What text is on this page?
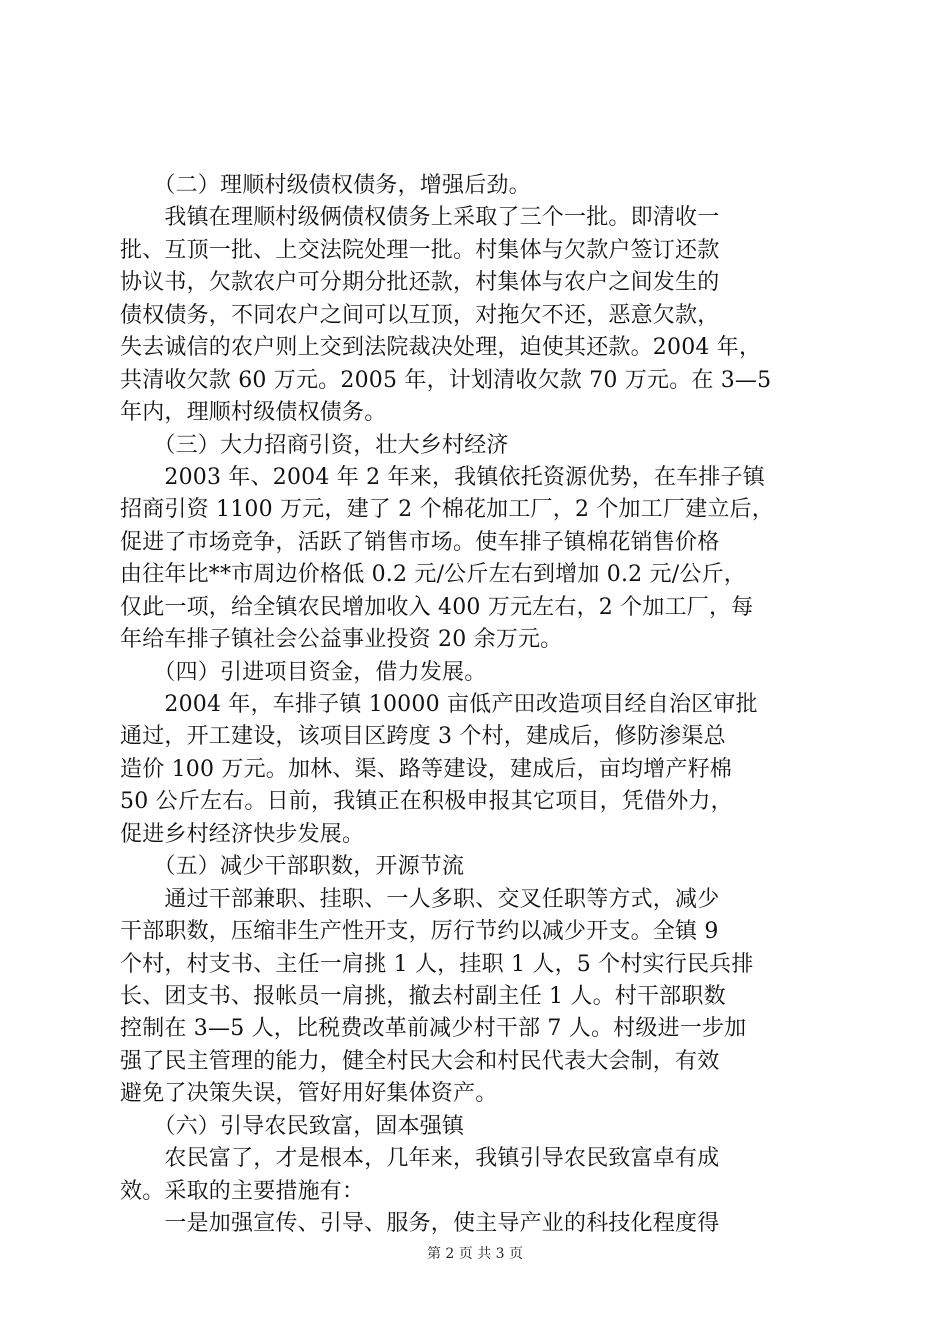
　　（二）理顺村级债权债务，增强后劲。
　　我镇在理顺村级俩债权债务上采取了三个一批。即清收一
批、互顶一批、上交法院处理一批。村集体与欠款户签订还款
协议书，欠款农户可分期分批还款，村集体与农户之间发生的
债权债务，不同农户之间可以互顶，对拖欠不还，恶意欠款，
失去诚信的农户则上交到法院裁决处理，迫使其还款。2004 年，
共清收欠款 60 万元。2005 年，计划清收欠款 70 万元。在 3—5
年内，理顺村级债权债务。
　　（三）大力招商引资，壮大乡村经济
　　2003 年、2004 年 2 年来，我镇依托资源优势，在车排子镇
招商引资 1100 万元，建了 2 个棉花加工厂，2 个加工厂建立后，
促进了市场竞争，活跃了销售市场。使车排子镇棉花销售价格
由往年比**市周边价格低 0.2 元/公斤左右到增加 0.2 元/公斤，
仅此一项，给全镇农民增加收入 400 万元左右，2 个加工厂，每
年给车排子镇社会公益事业投资 20 余万元。
　　（四）引进项目资金，借力发展。
　　2004 年，车排子镇 10000 亩低产田改造项目经自治区审批
通过，开工建设，该项目区跨度 3 个村，建成后，修防渗渠总
造价 100 万元。加林、渠、路等建设，建成后，亩均增产籽棉
50 公斤左右。日前，我镇正在积极申报其它项目，凭借外力，
促进乡村经济快步发展。
　　（五）减少干部职数，开源节流
　　通过干部兼职、挂职、一人多职、交叉任职等方式，减少
干部职数，压缩非生产性开支，厉行节约以减少开支。全镇 9
个村，村支书、主任一肩挑 1 人，挂职 1 人，5 个村实行民兵排
长、团支书、报帐员一肩挑，撤去村副主任 1 人。村干部职数
控制在 3—5 人，比税费改革前减少村干部 7 人。村级进一步加
强了民主管理的能力，健全村民大会和村民代表大会制，有效
避免了决策失误，管好用好集体资产。
　　（六）引导农民致富，固本强镇
　　农民富了，才是根本，几年来，我镇引导农民致富卓有成
效。采取的主要措施有：
　　一是加强宣传、引导、服务，使主导产业的科技化程度得
第 2 页 共 3 页
